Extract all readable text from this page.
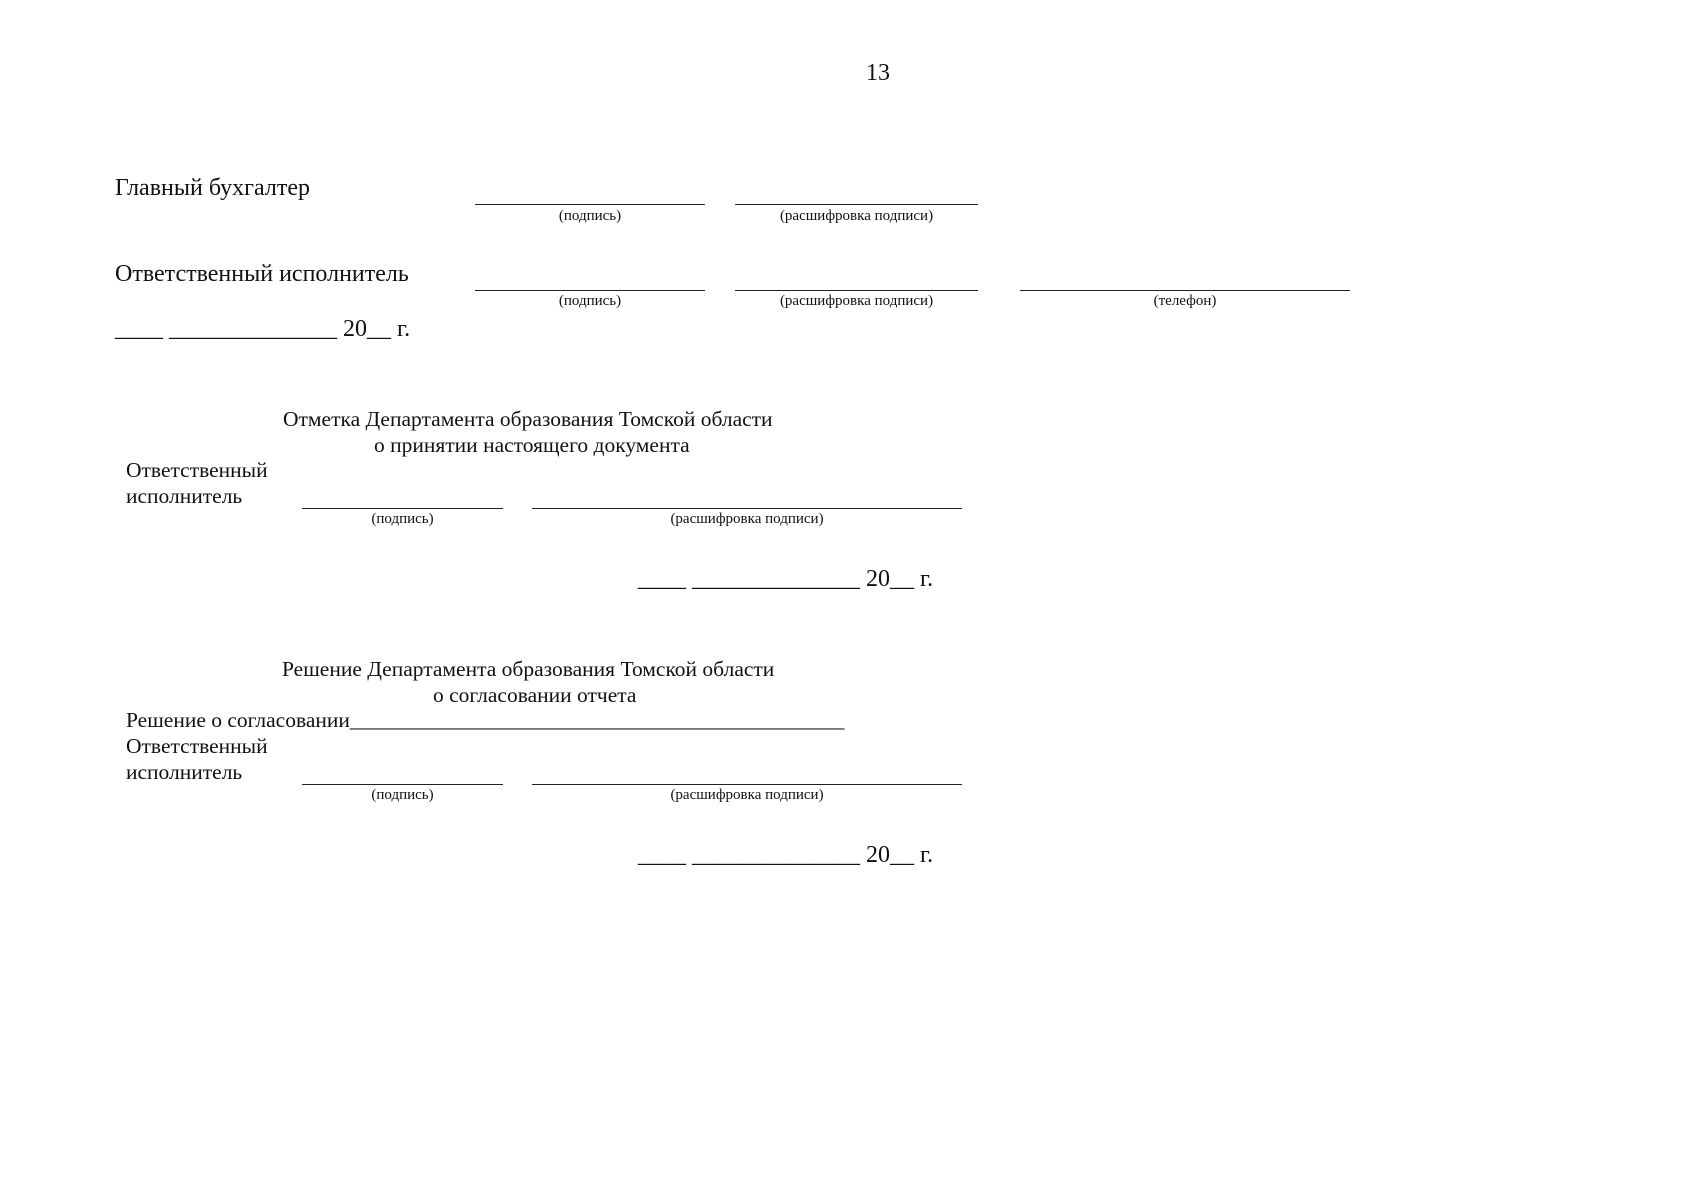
13
Главный бухгалтер
(подпись)	(расшифровка подписи)
Ответственный исполнитель
(подпись)	(расшифровка подписи)	(телефон)
____ ______________ 20__ г.
Отметка Департамента образования Томской области
о принятии настоящего документа
Ответственный
исполнитель
(подпись)	(расшифровка подписи)
____ ______________ 20__ г.
Решение Департамента образования Томской области
о согласовании отчета
Решение о согласовании______________________________________________
Ответственный
исполнитель
(подпись)	(расшифровка подписи)
____ ______________ 20__ г.
